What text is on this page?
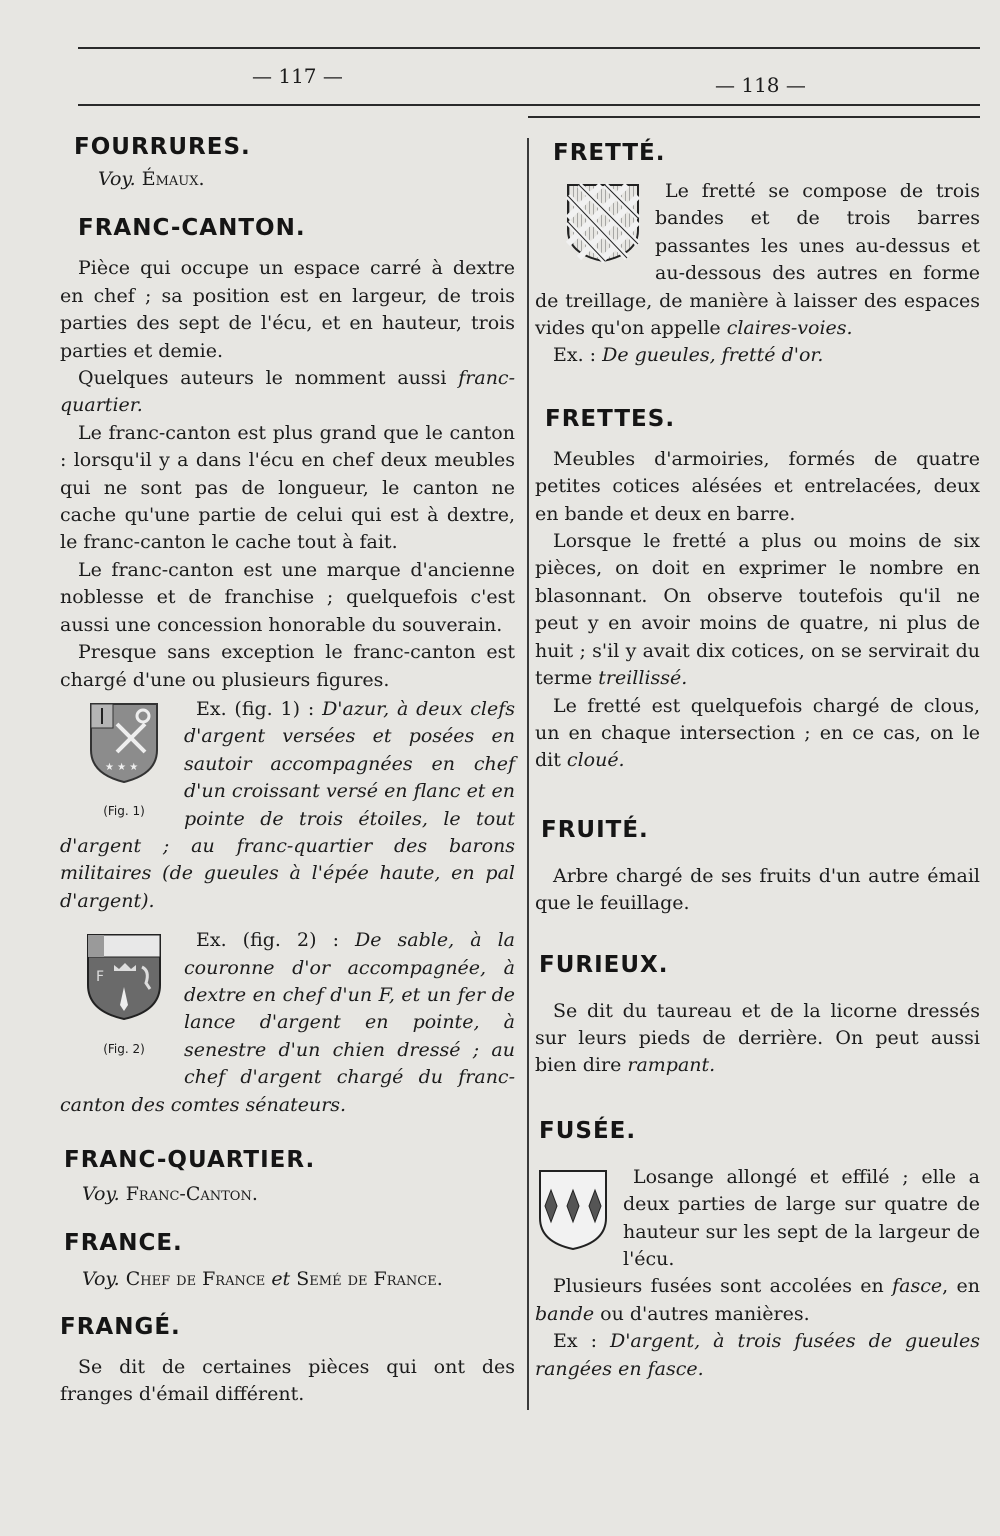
— 117 —	— 118 —
FOURRURES.

Voy. Émaux.

FRANC-CANTON.

Pièce qui occupe un espace carré à dextre en chef ; sa position est en largeur, de trois parties des sept de l'écu, et en hauteur, trois parties et demie.

Quelques auteurs le nomment aussi franc-quartier.

Le franc-canton est plus grand que le canton : lorsqu'il y a dans l'écu en chef deux meubles qui ne sont pas de longueur, le canton ne cache qu'une partie de celui qui est à dextre, le franc-canton le cache tout à fait.

Le franc-canton est une marque d'ancienne noblesse et de franchise ; quelquefois c'est aussi une concession honorable du souverain.

Presque sans exception le franc-canton est chargé d'une ou plusieurs figures.

★ ★ ★
(Fig. 1)
Ex. (fig. 1) : D'azur, à deux clefs d'argent versées et posées en sautoir accompagnées en chef d'un croissant versé en flanc et en pointe de trois étoiles, le tout d'argent ; au franc-quartier des barons militaires (de gueules à l'épée haute, en pal d'argent).

F
(Fig. 2)
Ex. (fig. 2) : De sable, à la couronne d'or accompagnée, à dextre en chef d'un F, et un fer de lance d'argent en pointe, à senestre d'un chien dressé ; au chef d'argent chargé du franc-canton des comtes sénateurs.

FRANC-QUARTIER.

Voy. Franc-Canton.

FRANCE.

Voy. Chef de France et Semé de France.

FRANGÉ.

Se dit de certaines pièces qui ont des franges d'émail différent.

FRETTÉ.

Le fretté se compose de trois bandes et de trois barres passantes les unes au-dessus et au-dessous des autres en forme de treillage, de manière à laisser des espaces vides qu'on appelle claires-voies.

Ex. : De gueules, fretté d'or.

FRETTES.

Meubles d'armoiries, formés de quatre petites cotices alésées et entrelacées, deux en bande et deux en barre.

Lorsque le fretté a plus ou moins de six pièces, on doit en exprimer le nombre en blasonnant. On observe toutefois qu'il ne peut y en avoir moins de quatre, ni plus de huit ; s'il y avait dix cotices, on se servirait du terme treillissé.

Le fretté est quelquefois chargé de clous, un en chaque intersection ; en ce cas, on le dit cloué.

FRUITÉ.

Arbre chargé de ses fruits d'un autre émail que le feuillage.

FURIEUX.

Se dit du taureau et de la licorne dressés sur leurs pieds de derrière. On peut aussi bien dire rampant.

FUSÉE.

Losange allongé et effilé ; elle a deux parties de large sur quatre de hauteur sur les sept de la largeur de l'écu.

Plusieurs fusées sont accolées en fasce, en bande ou d'autres manières.

Ex : D'argent, à trois fusées de gueules rangées en fasce.
